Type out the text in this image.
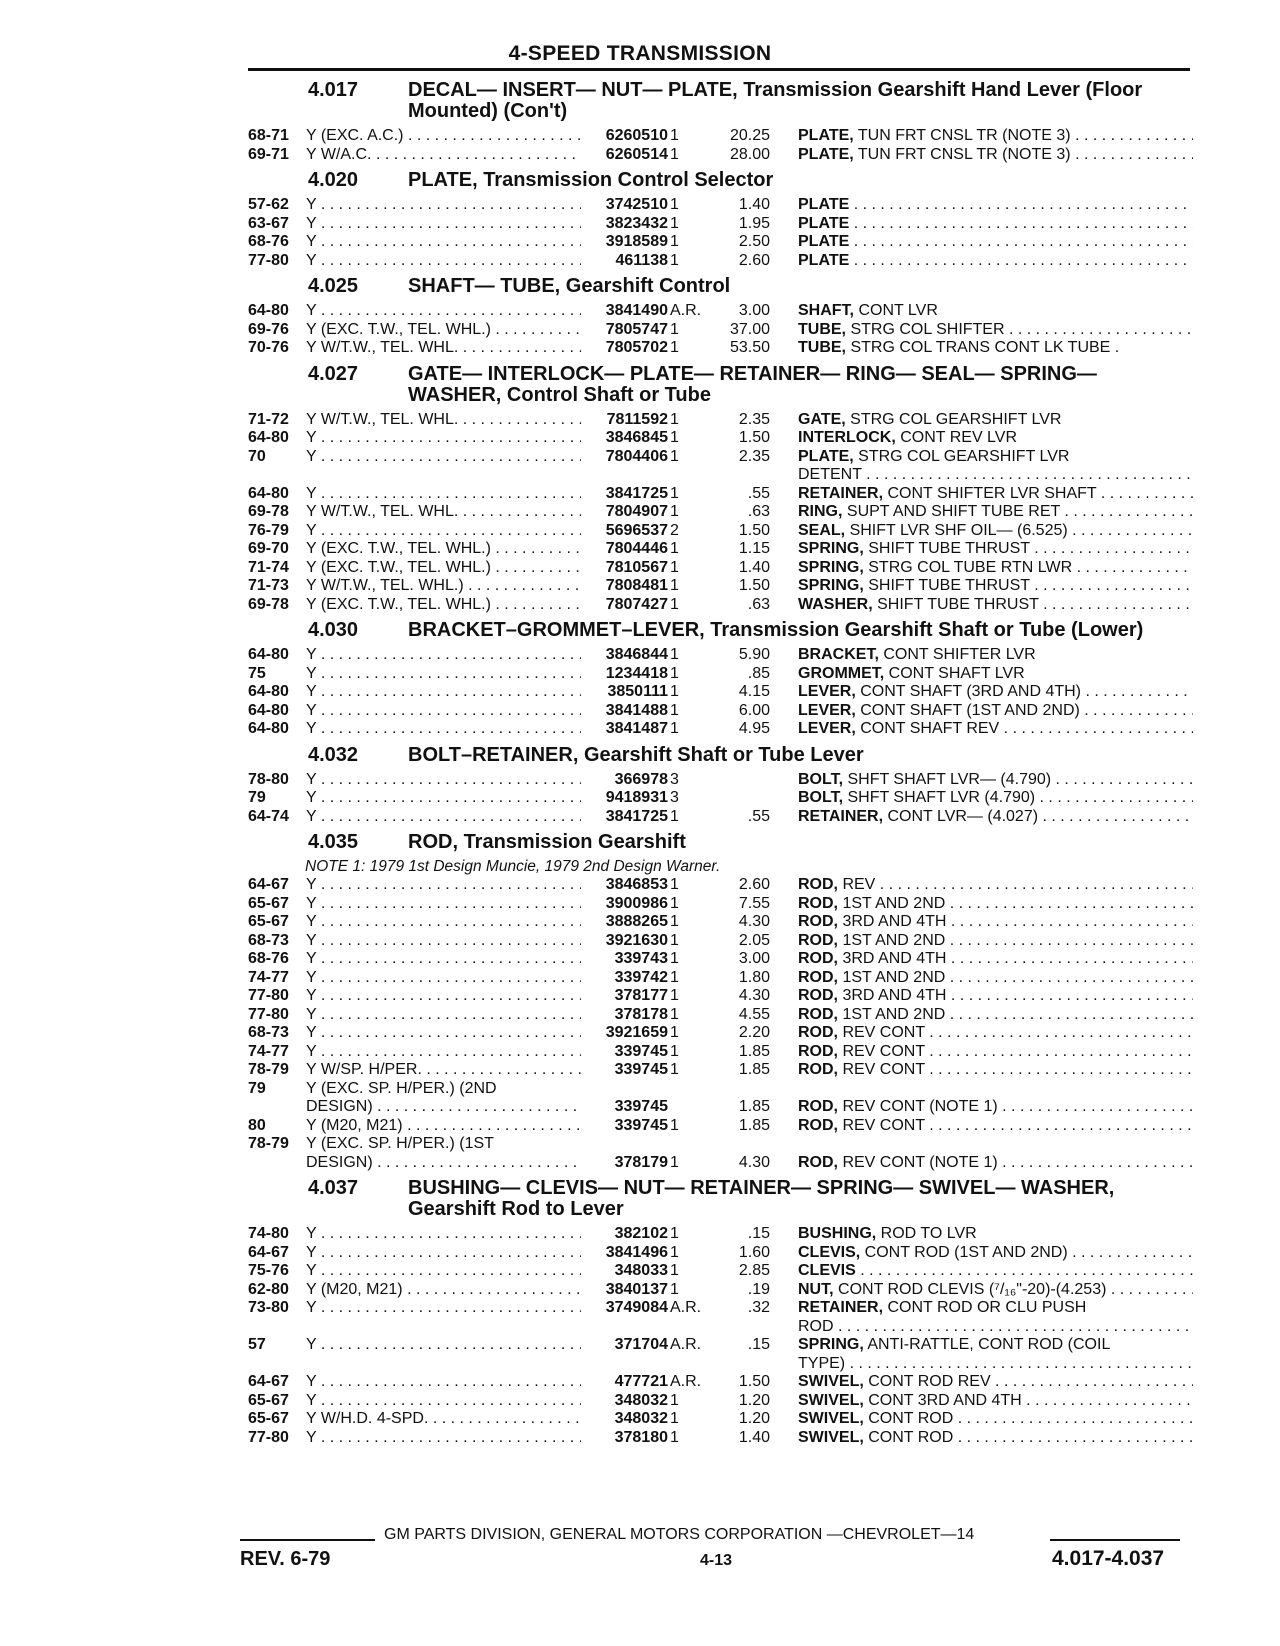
4-SPEED TRANSMISSION
4.017	DECAL— INSERT— NUT— PLATE, Transmission Gearshift Hand Lever (Floor Mounted) (Con't)
68-71	Y (EXC. A.C.) . . .	6260510 1	20.25	PLATE, TUN FRT CNSL TR (NOTE 3) . . .
69-71	Y W/A.C. . . .	6260514 1	28.00	PLATE, TUN FRT CNSL TR (NOTE 3) . . .
4.020	PLATE, Transmission Control Selector
57-62	Y . . .	3742510 1	1.40	PLATE . . .
63-67	Y . . .	3823432 1	1.95	PLATE . . .
68-76	Y . . .	3918589 1	2.50	PLATE . . .
77-80	Y . . .	461138 1	2.60	PLATE . . .
4.025	SHAFT— TUBE, Gearshift Control
64-80	Y . . .	3841490 A.R.	3.00	SHAFT, CONT LVR
69-76	Y (EXC. T.W., TEL. WHL.) . . .	7805747 1	37.00	TUBE, STRG COL SHIFTER . . .
70-76	Y W/T.W., TEL. WHL. . . .	7805702 1	53.50	TUBE, STRG COL TRANS CONT LK TUBE .
4.027	GATE— INTERLOCK— PLATE— RETAINER— RING— SEAL— SPRING— WASHER, Control Shaft or Tube
71-72	Y W/T.W., TEL. WHL. . . .	7811592 1	2.35	GATE, STRG COL GEARSHIFT LVR
64-80	Y . . .	3846845 1	1.50	INTERLOCK, CONT REV LVR
70	Y . . .	7804406 1	2.35	PLATE, STRG COL GEARSHIFT LVR
DETENT . . .
64-80	Y . . .	3841725 1	.55	RETAINER, CONT SHIFTER LVR SHAFT . . .
69-78	Y W/T.W., TEL. WHL. . . .	7804907 1	.63	RING, SUPT AND SHIFT TUBE RET . . .
76-79	Y . . .	5696537 2	1.50	SEAL, SHIFT LVR SHF OIL— (6.525) . . .
69-70	Y (EXC. T.W., TEL. WHL.) . . .	7804446 1	1.15	SPRING, SHIFT TUBE THRUST . . .
71-74	Y (EXC. T.W., TEL. WHL.) . . .	7810567 1	1.40	SPRING, STRG COL TUBE RTN LWR . . .
71-73	Y W/T.W., TEL. WHL.) . . .	7808481 1	1.50	SPRING, SHIFT TUBE THRUST . . .
69-78	Y (EXC. T.W., TEL. WHL.) . . .	7807427 1	.63	WASHER, SHIFT TUBE THRUST . . .
4.030	BRACKET–GROMMET–LEVER, Transmission Gearshift Shaft or Tube (Lower)
64-80	Y . . .	3846844 1	5.90	BRACKET, CONT SHIFTER LVR
75	Y . . .	1234418 1	.85	GROMMET, CONT SHAFT LVR
64-80	Y . . .	3850111 1	4.15	LEVER, CONT SHAFT (3RD AND 4TH) . . .
64-80	Y . . .	3841488 1	6.00	LEVER, CONT SHAFT (1ST AND 2ND) . . .
64-80	Y . . .	3841487 1	4.95	LEVER, CONT SHAFT REV . . .
4.032	BOLT–RETAINER, Gearshift Shaft or Tube Lever
78-80	Y . . .	366978 3	BOLT, SHFT SHAFT LVR— (4.790) . . .
79	Y . . .	9418931 3	BOLT, SHFT SHAFT LVR (4.790) . . .
64-74	Y . . .	3841725 1	.55	RETAINER, CONT LVR— (4.027) . . .
4.035	ROD, Transmission Gearshift
NOTE 1: 1979 1st Design Muncie, 1979 2nd Design Warner.
64-67	Y . . .	3846853 1	2.60	ROD, REV . . .
65-67	Y . . .	3900986 1	7.55	ROD, 1ST AND 2ND . . .
65-67	Y . . .	3888265 1	4.30	ROD, 3RD AND 4TH . . .
68-73	Y . . .	3921630 1	2.05	ROD, 1ST AND 2ND . . .
68-76	Y . . .	339743 1	3.00	ROD, 3RD AND 4TH . . .
74-77	Y . . .	339742 1	1.80	ROD, 1ST AND 2ND . . .
77-80	Y . . .	378177 1	4.30	ROD, 3RD AND 4TH . . .
77-80	Y . . .	378178 1	4.55	ROD, 1ST AND 2ND . . .
68-73	Y . . .	3921659 1	2.20	ROD, REV CONT . . .
74-77	Y . . .	339745 1	1.85	ROD, REV CONT . . .
78-79	Y W/SP. H/PER. . . .	339745 1	1.85	ROD, REV CONT . . .
79	Y (EXC. SP. H/PER.) (2ND
DESIGN) . . .	339745	1.85	ROD, REV CONT (NOTE 1) . . .
80	Y (M20, M21) . . .	339745 1	1.85	ROD, REV CONT . . .
78-79	Y (EXC. SP. H/PER.) (1ST
DESIGN) . . .	378179 1	4.30	ROD, REV CONT (NOTE 1) . . .
4.037	BUSHING— CLEVIS— NUT— RETAINER— SPRING— SWIVEL— WASHER, Gearshift Rod to Lever
74-80	Y . . .	382102 1	.15	BUSHING, ROD TO LVR
64-67	Y . . .	3841496 1	1.60	CLEVIS, CONT ROD (1ST AND 2ND) . . .
75-76	Y . . .	348033 1	2.85	CLEVIS . . .
62-80	Y (M20, M21) . . .	3840137 1	.19	NUT, CONT ROD CLEVIS (⁷/₁₆"-20)-(4.253) . . .
73-80	Y . . .	3749084 A.R.	.32	RETAINER, CONT ROD OR CLU PUSH
ROD . . .
57	Y . . .	371704 A.R.	.15	SPRING, ANTI-RATTLE, CONT ROD (COIL
TYPE) . . .
64-67	Y . . .	477721 A.R.	1.50	SWIVEL, CONT ROD REV . . .
65-67	Y . . .	348032 1	1.20	SWIVEL, CONT 3RD AND 4TH . . .
65-67	Y W/H.D. 4-SPD. . . .	348032 1	1.20	SWIVEL, CONT ROD . . .
77-80	Y . . .	378180 1	1.40	SWIVEL, CONT ROD . . .
GM PARTS DIVISION, GENERAL MOTORS CORPORATION —CHEVROLET—14
REV. 6-79	4-13	4.017-4.037
